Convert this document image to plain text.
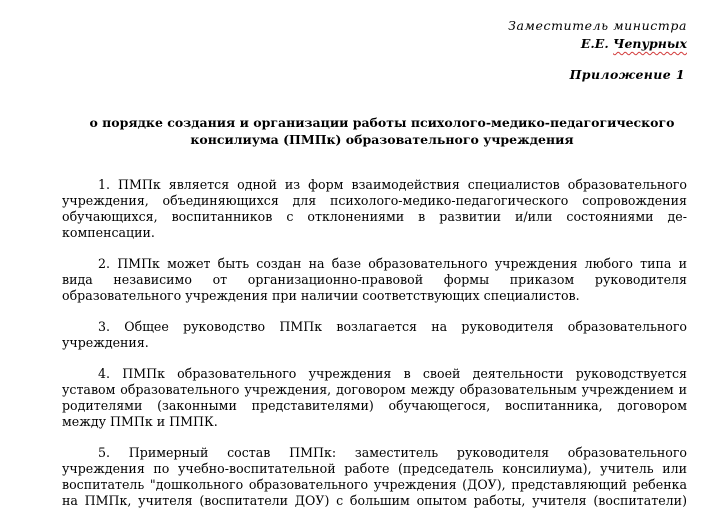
Заместитель министра
Е.Е. Чепурных
Приложение 1
о порядке создания и организации работы психолого-медико-педагогического
консилиума (ПМПк) образовательного учреждения
1. ПМПк является одной из форм взаимодействия специалистов образовательного
учреждения, объединяющихся для психолого-медико-педагогического сопровождения
обучающихся, воспитанников с отклонениями в развитии и/или состояниями де-
компенсации.
2. ПМПк может быть создан на базе образовательного учреждения любого типа и
вида независимо от организационно-правовой формы приказом руководителя
образовательного учреждения при наличии соответствующих специалистов.
3. Общее руководство ПМПк возлагается на руководителя образовательного
учреждения.
4. ПМПк образовательного учреждения в своей деятельности руководствуется
уставом образовательного учреждения, договором между образовательным учреждением и
родителями (законными представителями) обучающегося, воспитанника, договором
между ПМПк и ПМПК.
5. Примерный состав ПМПк: заместитель руководителя образовательного
учреждения по учебно-воспитательной работе (председатель консилиума), учитель или
воспитатель "дошкольного образовательного учреждения (ДОУ), представляющий ребенка
на ПМПк, учителя (воспитатели ДОУ) с большим опытом работы, учителя (воспитатели)
